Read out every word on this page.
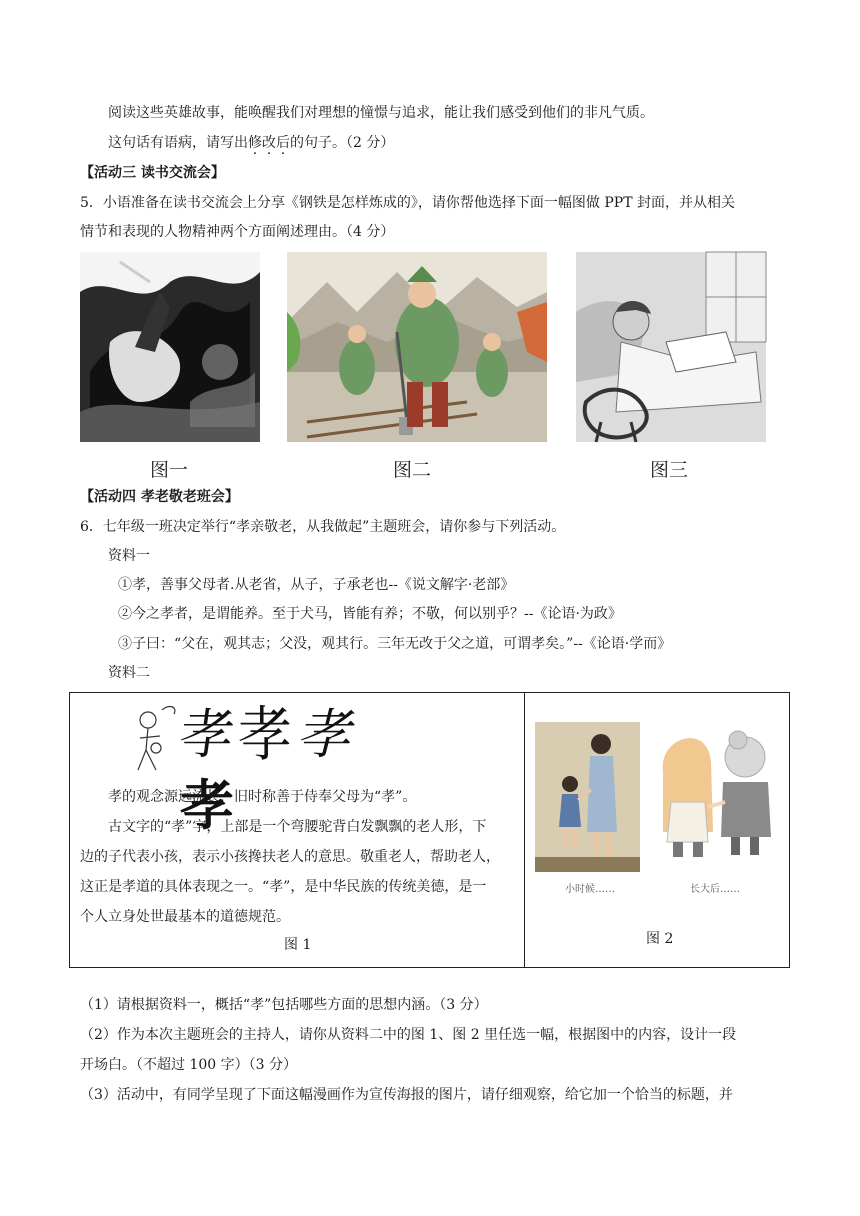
阅读这些英雄故事，能唤醒我们对理想的憧憬与追求，能让我们感受到他们的非凡气质。
这句话有语病，请写出修改后的句子。（2 分）
【活动三 读书交流会】
5．小语准备在读书交流会上分享《钢铁是怎样炼成的》，请你帮他选择下面一幅图做 PPT 封面，并从相关
情节和表现的人物精神两个方面阐述理由。（4 分）
图一	图二	图三
【活动四 孝老敬老班会】
6．七年级一班决定举行“孝亲敬老，从我做起”主题班会，请你参与下列活动。
资料一
①孝，善事父母者.从老省，从子，子承老也--《说文解字·老部》
②今之孝者，是谓能养。至于犬马，皆能有养；不敬，何以别乎？--《论语·为政》
③子曰：“父在，观其志；父没，观其行。三年无改于父之道，可谓孝矣。”--《论语·学而》
资料二
孝孝孝孝
孝的观念源远流长，旧时称善于侍奉父母为“孝”。
古文字的“孝”字，上部是一个弯腰驼背白发飘飘的老人形，下
边的子代表小孩，表示小孩搀扶老人的意思。敬重老人，帮助老人，
这正是孝道的具体表现之一。“孝”，是中华民族的传统美德，是一
个人立身处世最基本的道德规范。
图 1
小时候……	长大后……
图 2
（1）请根据资料一，概括“孝”包括哪些方面的思想内涵。（3 分）
（2）作为本次主题班会的主持人，请你从资料二中的图 1、图 2 里任选一幅，根据图中的内容，设计一段
开场白。（不超过 100 字）（3 分）
（3）活动中，有同学呈现了下面这幅漫画作为宣传海报的图片，请仔细观察，给它加一个恰当的标题，并
